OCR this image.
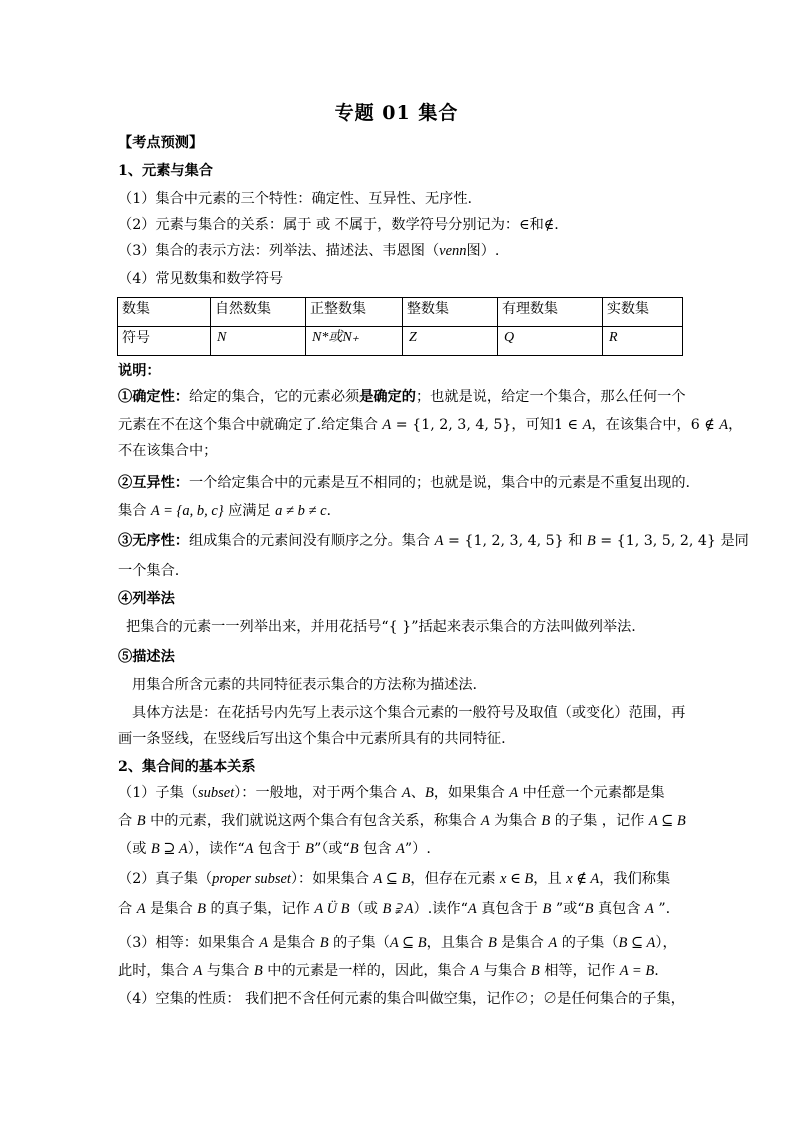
专题 01 集合
【考点预测】
1、元素与集合
（1）集合中元素的三个特性：确定性、互异性、无序性.
（2）元素与集合的关系：属于 或 不属于，数学符号分别记为：∈和∉.
（3）集合的表示方法：列举法、描述法、韦恩图（venn图）.
（4）常见数集和数学符号
数集	自然数集	正整数集	整数集	有理数集	实数集
符号	N	N*或N₊	Z	Q	R
说明：
①确定性：给定的集合，它的元素必须是确定的；也就是说，给定一个集合，那么任何一个
元素在不在这个集合中就确定了.给定集合 A = {1, 2, 3, 4, 5}，可知1 ∈ A，在该集合中，6 ∉ A，
不在该集合中；
②互异性：一个给定集合中的元素是互不相同的；也就是说，集合中的元素是不重复出现的.
集合 A = {a, b, c} 应满足 a ≠ b ≠ c.
③无序性：组成集合的元素间没有顺序之分。集合 A = {1, 2, 3, 4, 5} 和 B = {1, 3, 5, 2, 4} 是同
一个集合.
④列举法
把集合的元素一一列举出来，并用花括号“{ }”括起来表示集合的方法叫做列举法.
⑤描述法
用集合所含元素的共同特征表示集合的方法称为描述法.
具体方法是：在花括号内先写上表示这个集合元素的一般符号及取值（或变化）范围，再
画一条竖线，在竖线后写出这个集合中元素所具有的共同特征.
2、集合间的基本关系
（1）子集（subset）：一般地，对于两个集合 A、B，如果集合 A 中任意一个元素都是集
合 B 中的元素，我们就说这两个集合有包含关系，称集合 A 为集合 B 的子集 ，记作 A ⊆ B
（或 B ⊇ A），读作“A 包含于 B”（或“B 包含 A”）.
（2）真子集（proper subset）：如果集合 A ⊆ B，但存在元素 x ∈ B，且 x ∉ A，我们称集
合 A 是集合 B 的真子集，记作 A Ü B（或 B ⫌ A）.读作“A 真包含于 B ”或“B 真包含 A ”.
（3）相等：如果集合 A 是集合 B 的子集（A ⊆ B，且集合 B 是集合 A 的子集（B ⊆ A），
此时，集合 A 与集合 B 中的元素是一样的，因此，集合 A 与集合 B 相等，记作 A = B.
（4）空集的性质： 我们把不含任何元素的集合叫做空集，记作∅；∅是任何集合的子集，
